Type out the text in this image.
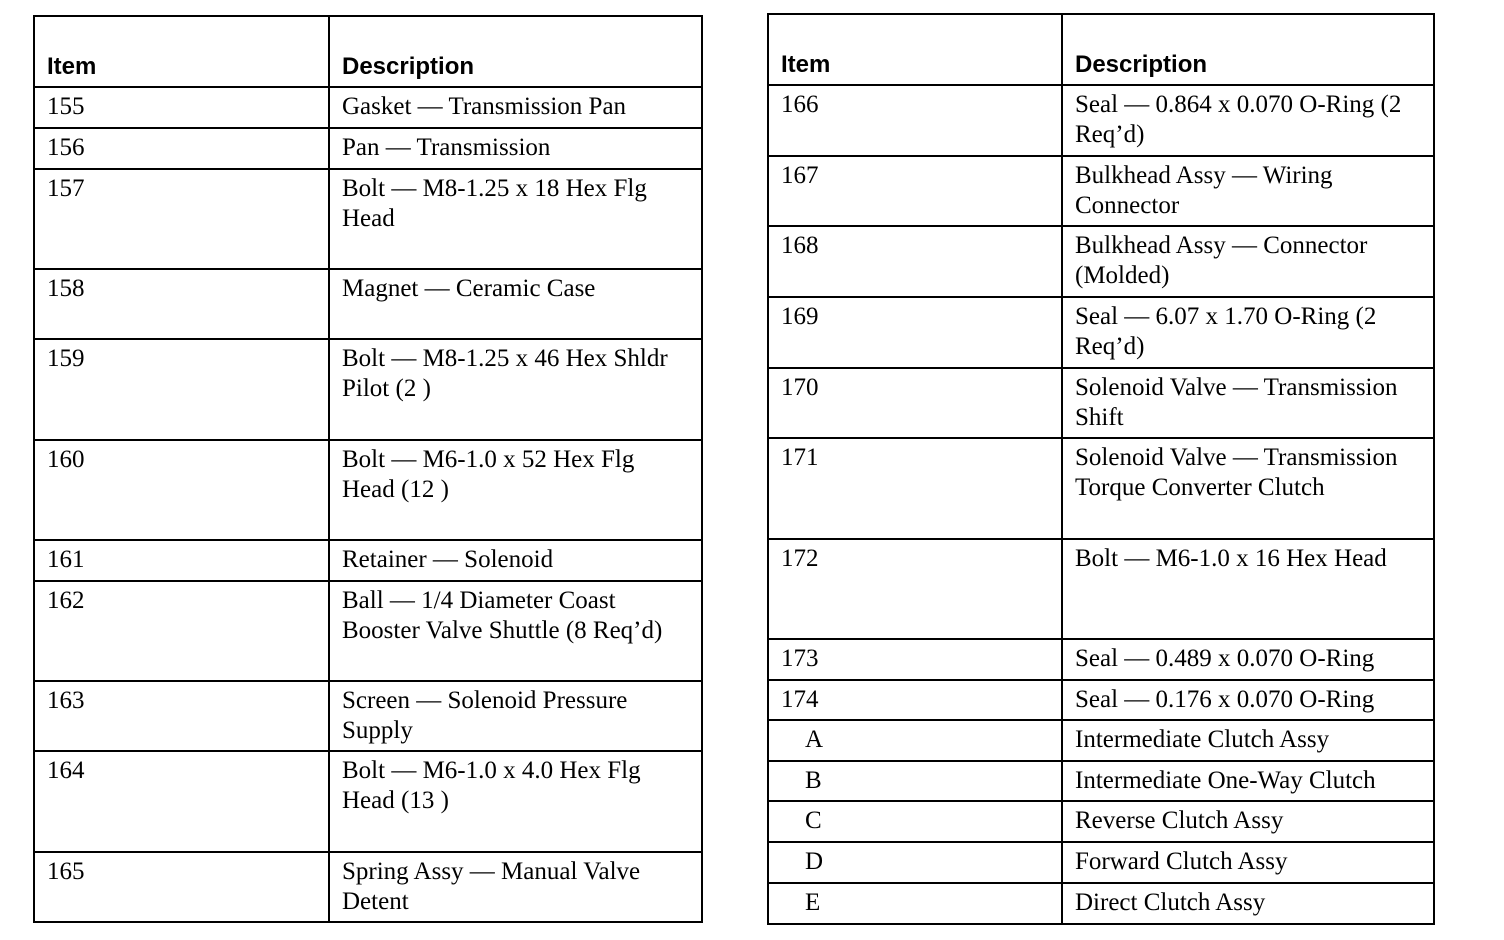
Item	Description
155	Gasket — Transmission Pan
156	Pan — Transmission
157	Bolt — M8-1.25 x 18 Hex Flg Head
158	Magnet — Ceramic Case
159	Bolt — M8-1.25 x 46 Hex Shldr Pilot (2 )
160	Bolt — M6-1.0 x 52 Hex Flg Head (12 )
161	Retainer — Solenoid
162	Ball — 1/4 Diameter Coast Booster Valve Shuttle (8 Req’d)
163	Screen — Solenoid Pressure Supply
164	Bolt — M6-1.0 x 4.0 Hex Flg Head (13 )
165	Spring Assy — Manual Valve Detent
Item	Description
166	Seal — 0.864 x 0.070 O-Ring (2 Req’d)
167	Bulkhead Assy — Wiring Connector
168	Bulkhead Assy — Connector (Molded)
169	Seal — 6.07 x 1.70 O-Ring (2 Req’d)
170	Solenoid Valve — Transmission Shift
171	Solenoid Valve — Transmission Torque Converter Clutch
172	Bolt — M6-1.0 x 16 Hex Head
173	Seal — 0.489 x 0.070 O-Ring
174	Seal — 0.176 x 0.070 O-Ring
A	Intermediate Clutch Assy
B	Intermediate One-Way Clutch
C	Reverse Clutch Assy
D	Forward Clutch Assy
E	Direct Clutch Assy
